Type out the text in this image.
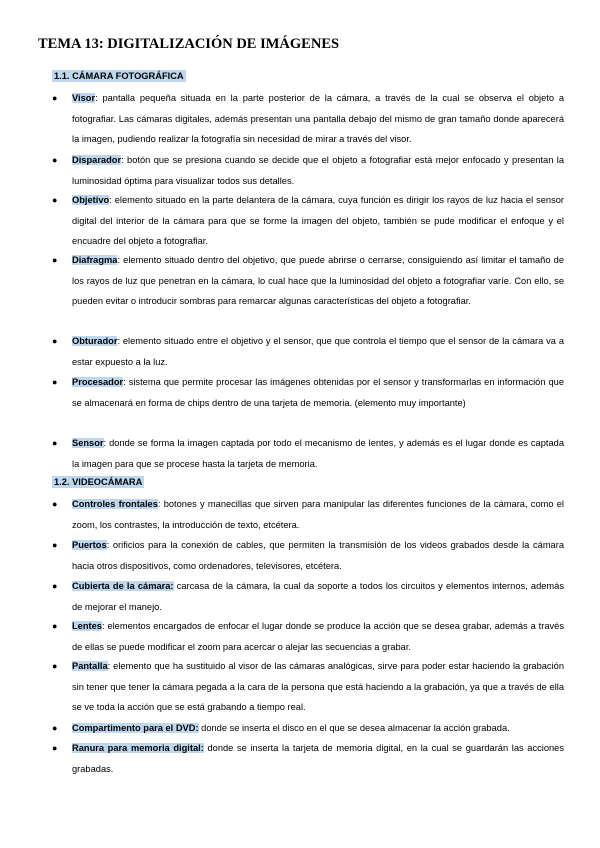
TEMA 13: DIGITALIZACIÓN DE IMÁGENES
1.1. CÁMARA FOTOGRÁFICA
● Visor: pantalla pequeña situada en la parte posterior de la cámara, a través de la cual se observa el objeto a fotografiar. Las cámaras digitales, además presentan una pantalla debajo del mismo de gran tamaño donde aparecerá la imagen, pudiendo realizar la fotografía sin necesidad de mirar a través del visor.
● Disparador: botón que se presiona cuando se decide que el objeto a fotografiar está mejor enfocado y presentan la luminosidad óptima para visualizar todos sus detalles.
● Objetivo: elemento situado en la parte delantera de la cámara, cuya función es dirigir los rayos de luz hacia el sensor digital del interior de la cámara para que se forme la imagen del objeto, también se pude modificar el enfoque y el encuadre del objeto a fotografiar.
● Diafragma: elemento situado dentro del objetivo, que puede abrirse o cerrarse, consiguiendo así limitar el tamaño de los rayos de luz que penetran en la cámara, lo cual hace que la luminosidad del objeto a fotografiar varíe. Con ello, se pueden evitar o introducir sombras para remarcar algunas características del objeto a fotografiar.
● Obturador: elemento situado entre el objetivo y el sensor, que que controla el tiempo que el sensor de la cámara va a estar expuesto a la luz.
● Procesador: sistema que permite procesar las imágenes obtenidas por el sensor y transformarlas en información que se almacenará en forma de chips dentro de una tarjeta de memoria. (elemento muy importante)
● Sensor: donde se forma la imagen captada por todo el mecanismo de lentes, y además es el lugar donde es captada la imagen para que se procese hasta la tarjeta de memoria.
1.2. VIDEOCÁMARA
● Controles frontales: botones y manecillas que sirven para manipular las diferentes funciones de la cámara, como el zoom, los contrastes, la introducción de texto, etcétera.
● Puertos: orificios para la conexión de cables, que permiten la transmisión de los videos grabados desde la cámara hacia otros dispositivos, como ordenadores, televisores, etcétera.
● Cubierta de la cámara: carcasa de la cámara, la cual da soporte a todos los circuitos y elementos internos, además de mejorar el manejo.
● Lentes: elementos encargados de enfocar el lugar donde se produce la acción que se desea grabar, además a través de ellas se puede modificar el zoom para acercar o alejar las secuencias a grabar.
● Pantalla: elemento que ha sustituido al visor de las cámaras analógicas, sirve para poder estar haciendo la grabación sin tener que tener la cámara pegada a la cara de la persona que está haciendo a la grabación, ya que a través de ella se ve toda la acción que se está grabando a tiempo real.
● Compartimento para el DVD: donde se inserta el disco en el que se desea almacenar la acción grabada.
● Ranura para memoria digital: donde se inserta la tarjeta de memoria digital, en la cual se guardarán las acciones grabadas.
